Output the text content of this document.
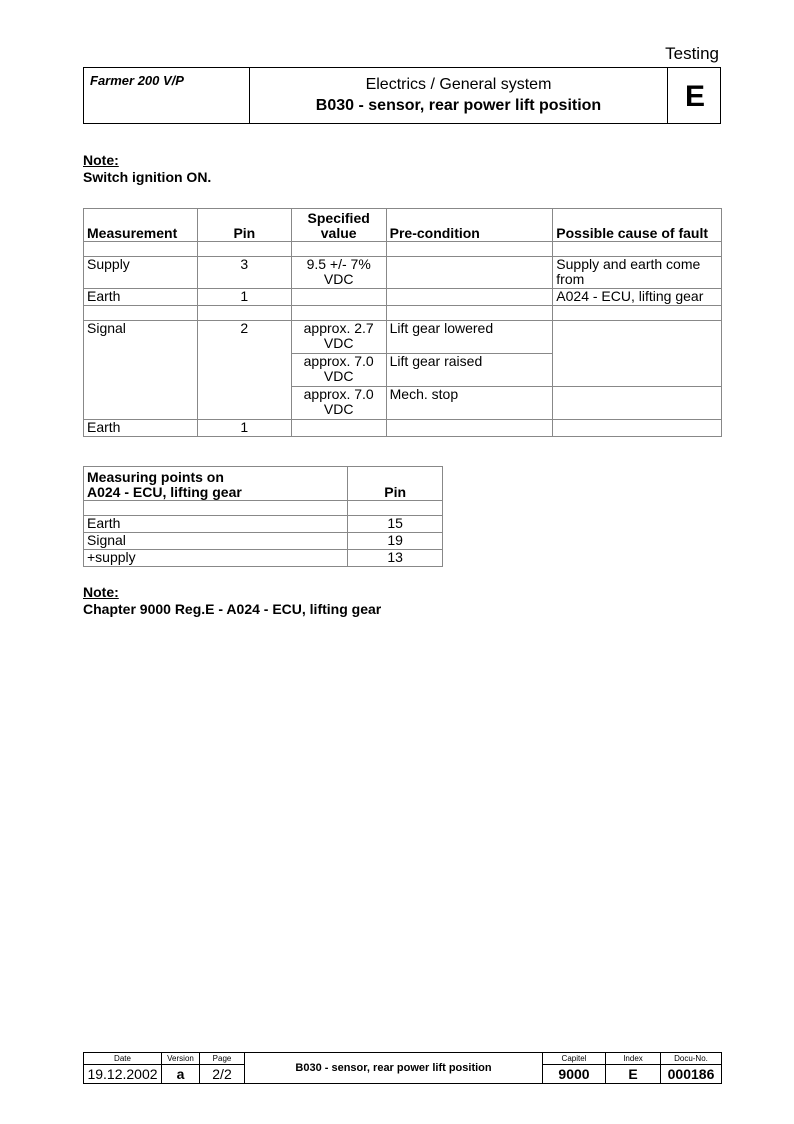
Testing
Farmer 200 V/P	Electrics / General system
B030 - sensor, rear power lift position	E
Note:
Switch ignition ON.
Measurement	Pin	Specified value	Pre-condition	Possible cause of fault

Supply	3	9.5 +/- 7% VDC		Supply and earth come from
Earth	1			A024 - ECU, lifting gear

Signal	2	approx. 2.7 VDC	Lift gear lowered	
		approx. 7.0 VDC	Lift gear raised	
		approx. 7.0 VDC	Mech. stop	
Earth	1			
Measuring points on
A024 - ECU, lifting gear	Pin

Earth	15
Signal	19
+supply	13
Note:
Chapter 9000 Reg.E - A024 - ECU, lifting gear
Date
19.12.2002
Version
a
Page
2/2	B030 - sensor, rear power lift position
Capitel
9000
Index
E
Docu-No.
000186
